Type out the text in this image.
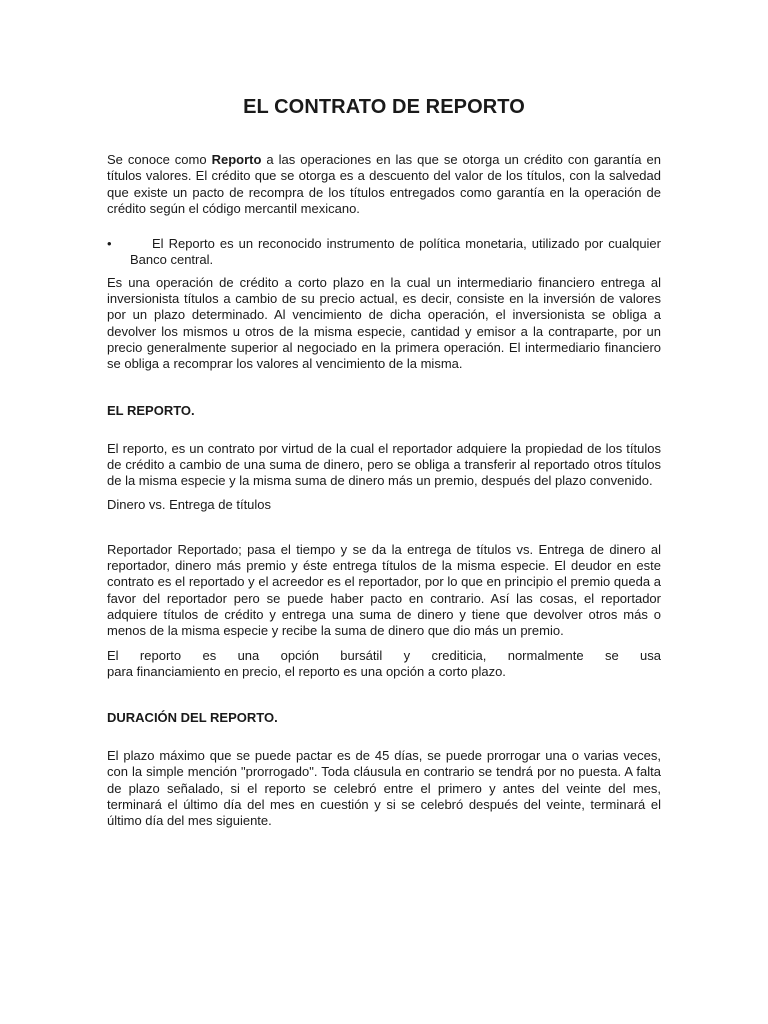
EL CONTRATO DE REPORTO

Se conoce como Reporto a las operaciones en las que se otorga un crédito con garantía en títulos valores. El crédito que se otorga es a descuento del valor de los títulos, con la salvedad que existe un pacto de recompra de los títulos entregados como garantía en la operación de crédito según el código mercantil mexicano.

•	El Reporto es un reconocido instrumento de política monetaria, utilizado por cualquier Banco central.

Es una operación de crédito a corto plazo en la cual un intermediario financiero entrega al inversionista títulos a cambio de su precio actual, es decir, consiste en la inversión de valores por un plazo determinado. Al vencimiento de dicha operación, el inversionista se obliga a devolver los mismos u otros de la misma especie, cantidad y emisor a la contraparte, por un precio generalmente superior al negociado en la primera operación. El intermediario financiero se obliga a recomprar los valores al vencimiento de la misma.

EL REPORTO.

El reporto, es un contrato por virtud de la cual el reportador adquiere la propiedad de los títulos de crédito a cambio de una suma de dinero, pero se obliga a transferir al reportado otros títulos de la misma especie y la misma suma de dinero más un premio, después del plazo convenido.

Dinero vs. Entrega de títulos

Reportador Reportado; pasa el tiempo y se da la entrega de títulos vs. Entrega de dinero al reportador, dinero más premio y éste entrega títulos de la misma especie. El deudor en este contrato es el reportado y el acreedor es el reportador, por lo que en principio el premio queda a favor del reportador pero se puede haber pacto en contrario. Así las cosas, el reportador adquiere títulos de crédito y entrega una suma de dinero y tiene que devolver otros más o menos de la misma especie y recibe la suma de dinero que dio más un premio.

El reporto es una opción bursátil y crediticia, normalmente se usa

para financiamiento en precio, el reporto es una opción a corto plazo.

DURACIÓN DEL REPORTO.

El plazo máximo que se puede pactar es de 45 días, se puede prorrogar una o varias veces, con la simple mención "prorrogado". Toda cláusula en contrario se tendrá por no puesta. A falta de plazo señalado, si el reporto se celebró entre el primero y antes del veinte del mes, terminará el último día del mes en cuestión y si se celebró después del veinte, terminará el último día del mes siguiente.
